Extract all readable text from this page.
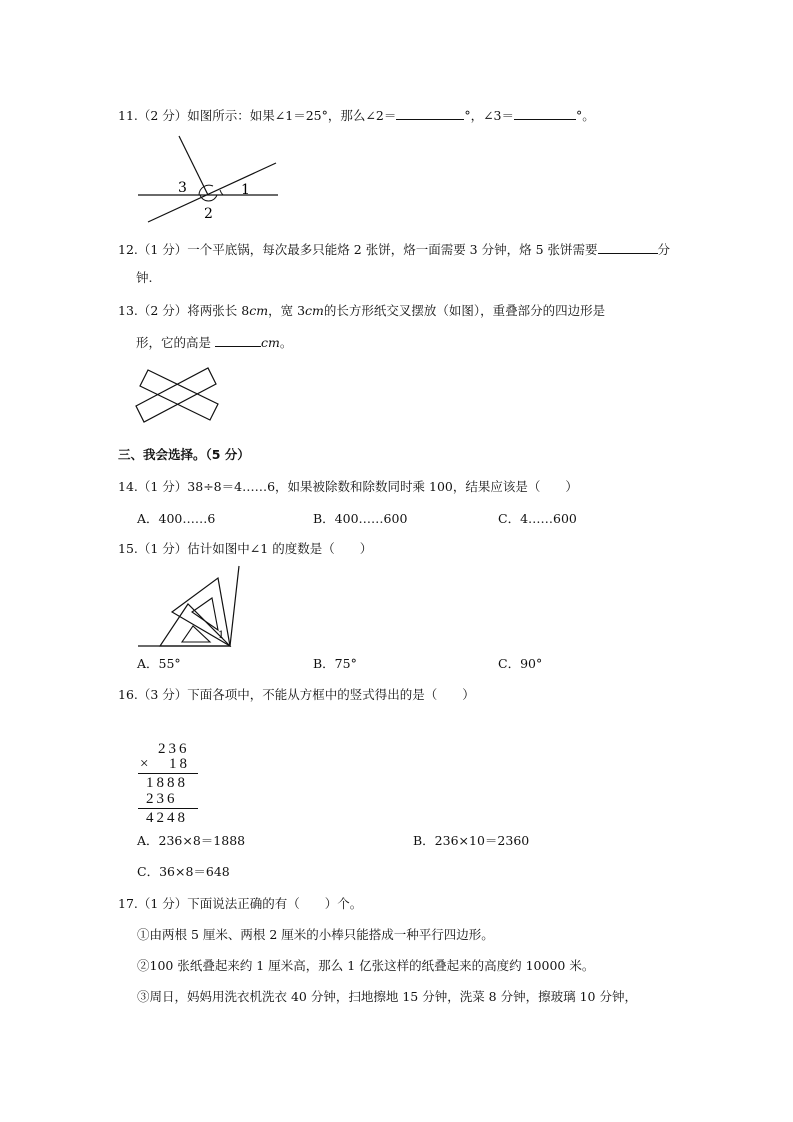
11.（2 分）如图所示：如果∠1＝25°，那么∠2＝	°，∠3＝	°。
3	1
2
12.（1 分）一个平底锅，每次最多只能烙 2 张饼，烙一面需要 3 分钟，烙 5 张饼需要	分
钟.
13.（2 分）将两张长 8cm，宽 3cm的长方形纸交叉摆放（如图），重叠部分的四边形是
形，它的高是	cm。
三、我会选择。（5 分）
14.（1 分）38÷8＝4……6，如果被除数和除数同时乘 100，结果应该是（　　）
A．400……6	B．400……600	C．4……600
15.（1 分）估计如图中∠1 的度数是（　　）
1
A．55°	B．75°	C．90°
16.（3 分）下面各项中，不能从方框中的竖式得出的是（　　）
236
× 18
1888
236
4248
A．236×8＝1888	B．236×10＝2360
C．36×8＝648
17.（1 分）下面说法正确的有（　　）个。
①由两根 5 厘米、两根 2 厘米的小棒只能搭成一种平行四边形。
②100 张纸叠起来约 1 厘米高，那么 1 亿张这样的纸叠起来的高度约 10000 米。
③周日，妈妈用洗衣机洗衣 40 分钟，扫地擦地 15 分钟，洗菜 8 分钟，擦玻璃 10 分钟，
